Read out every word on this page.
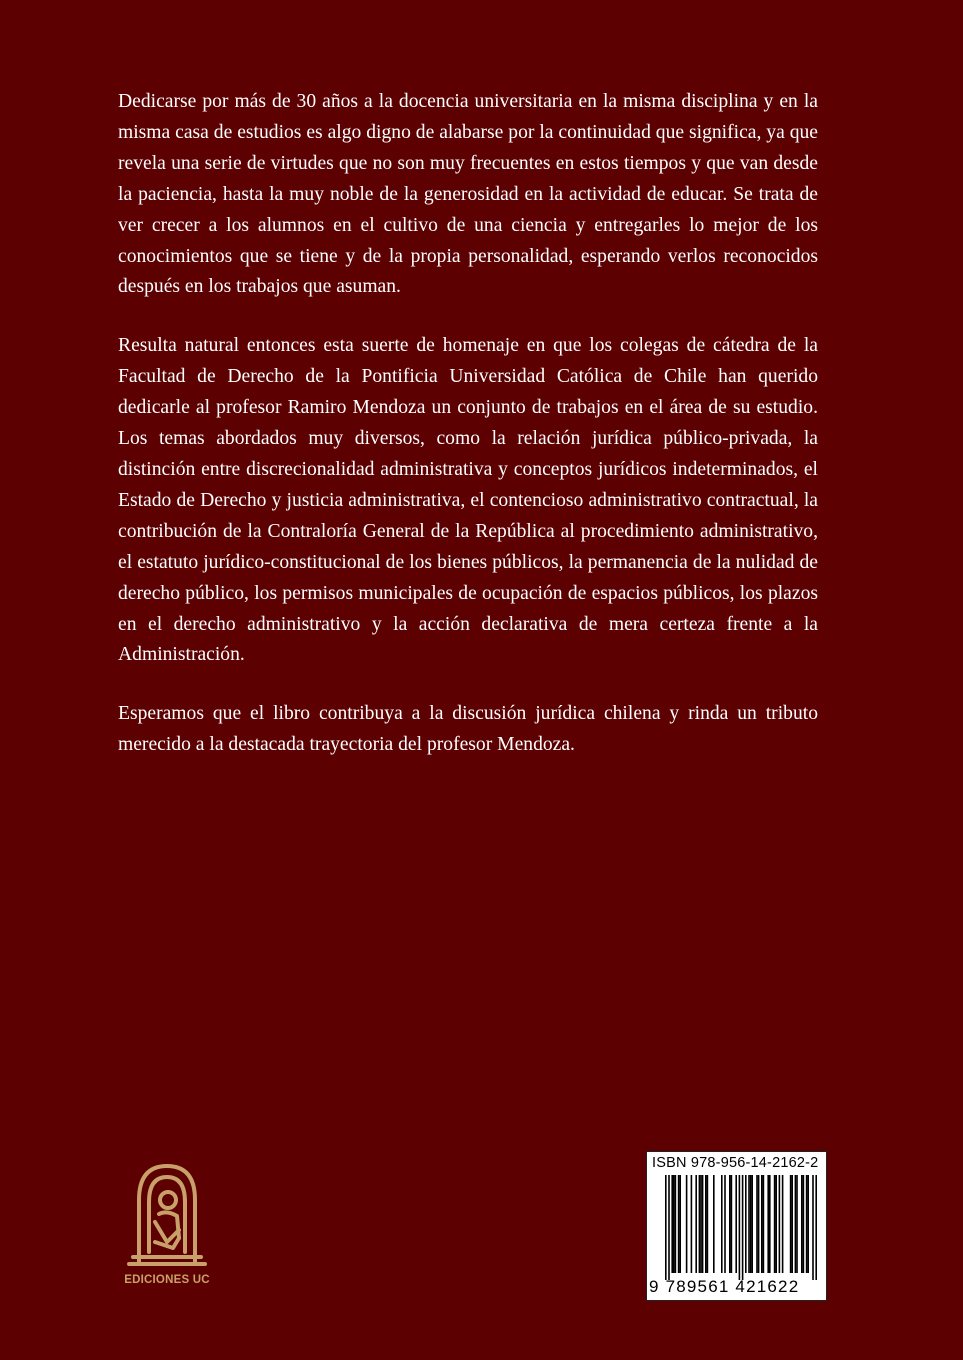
Dedicarse por más de 30 años a la docencia universitaria en la misma disciplina y en la misma casa de estudios es algo digno de alabarse por la continuidad que significa, ya que revela una serie de virtudes que no son muy frecuentes en estos tiempos y que van desde la paciencia, hasta la muy noble de la generosidad en la actividad de educar. Se trata de ver crecer a los alumnos en el cultivo de una ciencia y entregarles lo mejor de los conocimientos que se tiene y de la propia personalidad, esperando verlos reconocidos después en los trabajos que asuman.

Resulta natural entonces esta suerte de homenaje en que los colegas de cátedra de la Facultad de Derecho de la Pontificia Universidad Católica de Chile han querido dedicarle al profesor Ramiro Mendoza un conjunto de trabajos en el área de su estudio. Los temas abordados muy diversos, como la relación jurídica público-privada, la distinción entre discrecionalidad administrativa y conceptos jurídicos indeterminados, el Estado de Derecho y justicia administrativa, el contencioso administrativo contractual, la contribución de la Contraloría General de la República al procedimiento administrativo, el estatuto jurídico-constitucional de los bienes públicos, la permanencia de la nulidad de derecho público, los permisos municipales de ocupación de espacios públicos, los plazos en el derecho administrativo y la acción declarativa de mera certeza frente a la Administración.

Esperamos que el libro contribuya a la discusión jurídica chilena y rinda un tributo merecido a la destacada trayectoria del profesor Mendoza.

EDICIONES UC
ISBN 978-956-14-2162-2
9 789561 421622
